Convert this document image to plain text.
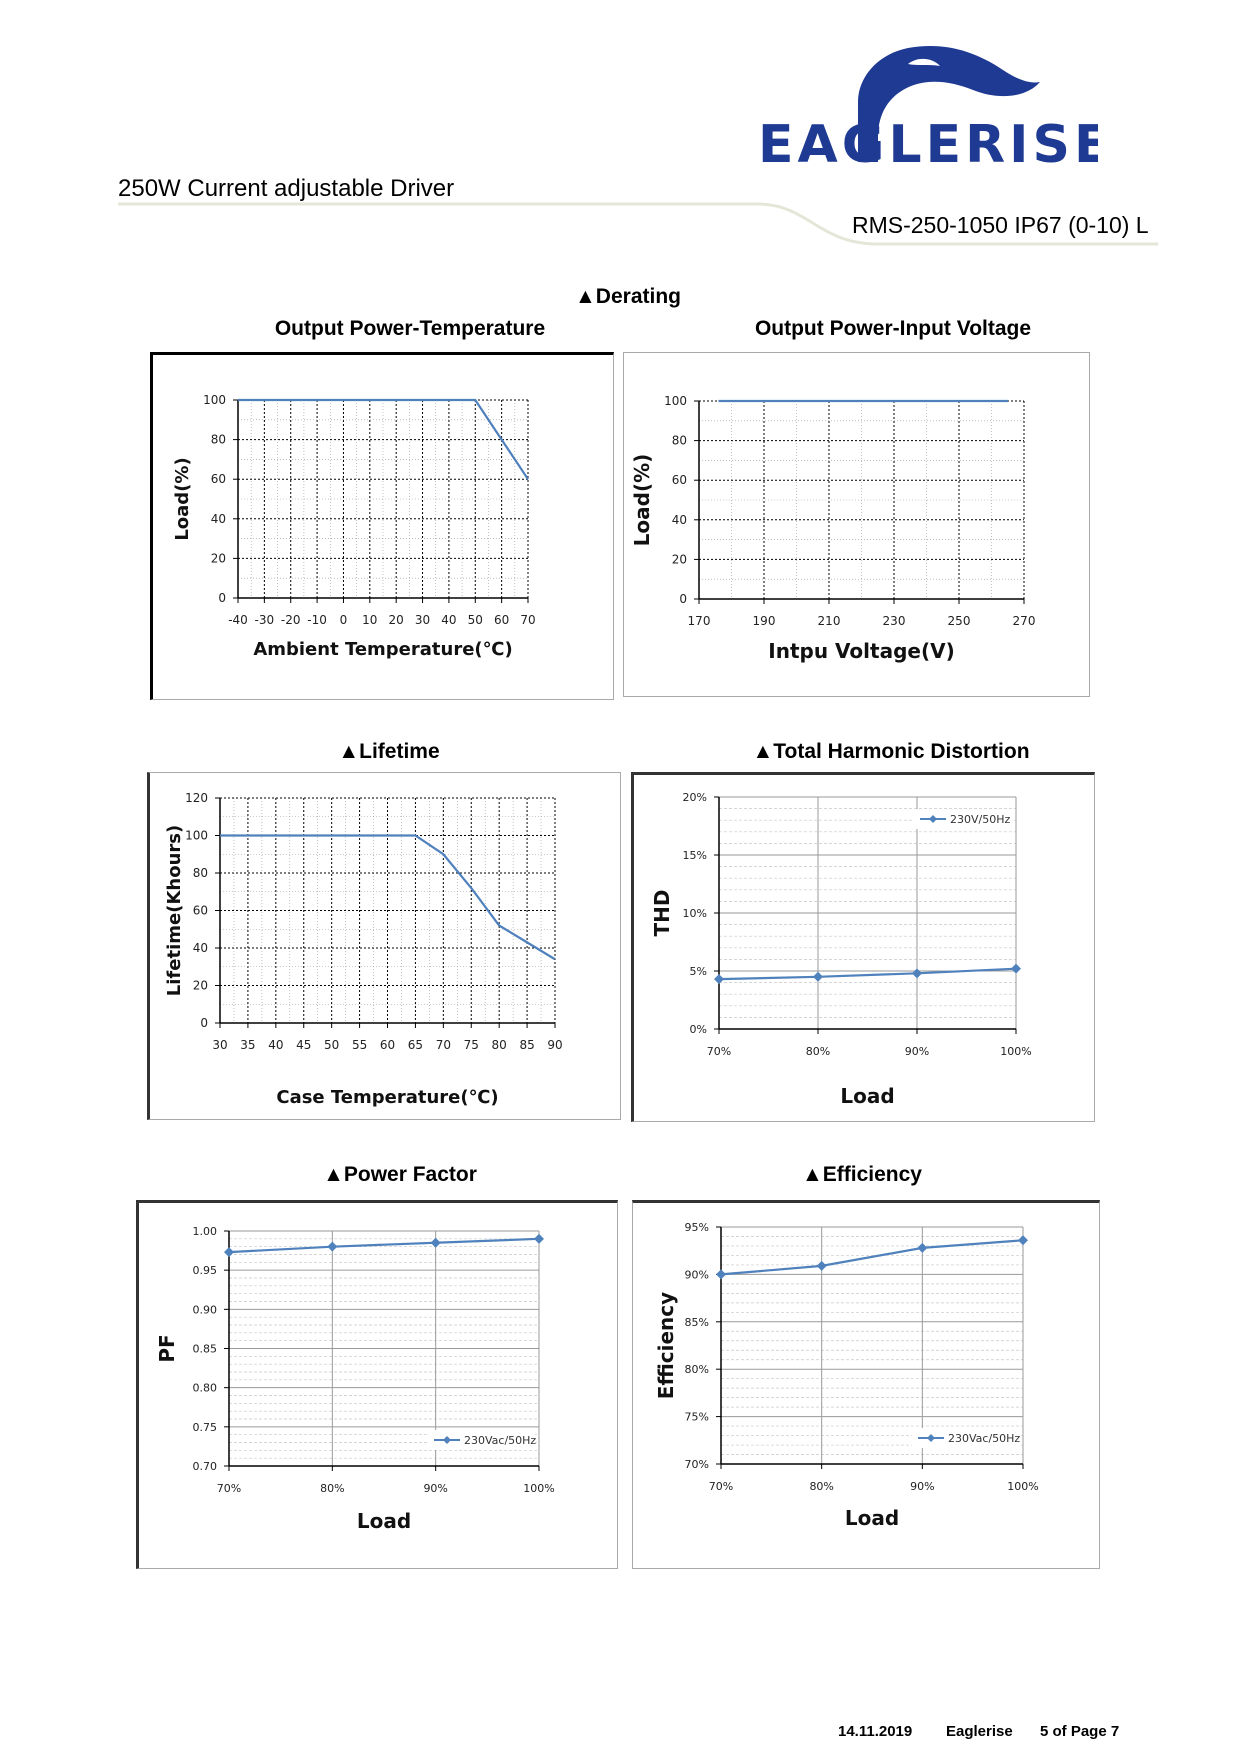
EAGLERISE
250W Current adjustable Driver
RMS-250-1050 IP67 (0-10) L
▲Derating
Output Power-Temperature	Output Power-Input Voltage
▲Lifetime	▲Total Harmonic Distortion
▲Power Factor	▲Efficiency
-40 -30 -20 -10 0 10 20 30 40 50 60 70
0
20
40
60
80
100
Ambient Temperature(℃)
Load(%)
170	190	210	230	250	270
0
20
40
60
80
100
Intpu Voltage(V)
Load(%)
30 35 40 45 50 55 60 65 70 75 80 85 90
0
20
40
60
80
100
120
Case Temperature(℃)
Lifetime(Khours)
70%	80%	90%	100%
0%
5%
10%
15%
20%
Load
THD
230V/50Hz
70%	80%	90%	100%
0.70
0.75
0.80
0.85
0.90
0.95
1.00
Load
PF
230Vac/50Hz
70%	80%	90%	100%
70%
75%
80%
85%
90%
95%
Load
Efficiency
230Vac/50Hz
14.11.2019 Eaglerise 5 of Page 7
